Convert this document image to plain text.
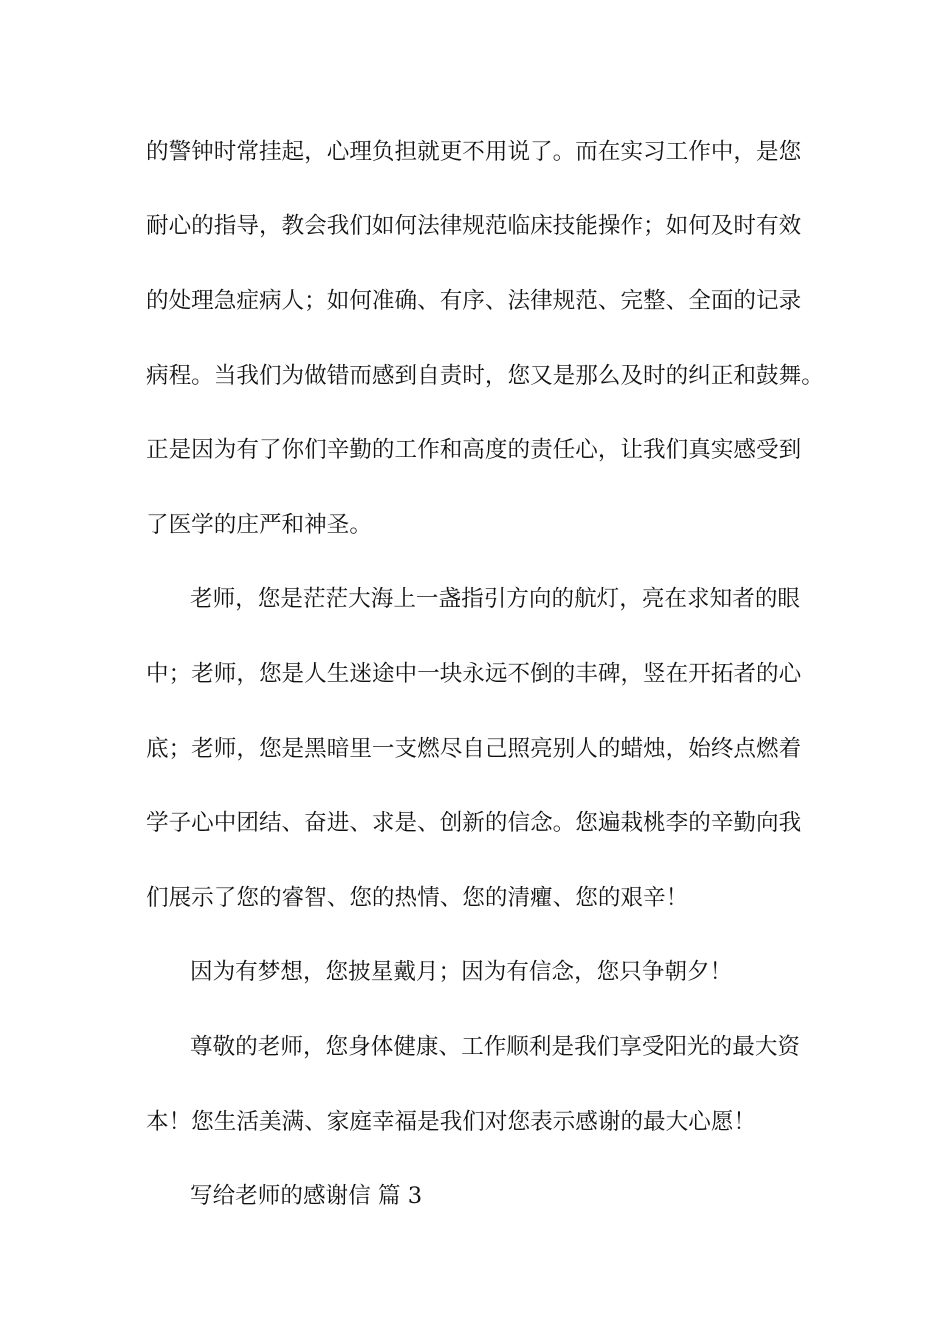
的警钟时常挂起，心理负担就更不用说了。而在实习工作中，是您
耐心的指导，教会我们如何法律规范临床技能操作；如何及时有效
的处理急症病人；如何准确、有序、法律规范、完整、全面的记录
病程。当我们为做错而感到自责时，您又是那么及时的纠正和鼓舞。
正是因为有了你们辛勤的工作和高度的责任心，让我们真实感受到
了医学的庄严和神圣。
老师，您是茫茫大海上一盏指引方向的航灯，亮在求知者的眼
中；老师，您是人生迷途中一块永远不倒的丰碑，竖在开拓者的心
底；老师，您是黑暗里一支燃尽自己照亮别人的蜡烛，始终点燃着
学子心中团结、奋进、求是、创新的信念。您遍栽桃李的辛勤向我
们展示了您的睿智、您的热情、您的清癯、您的艰辛！
因为有梦想，您披星戴月；因为有信念，您只争朝夕！
尊敬的老师，您身体健康、工作顺利是我们享受阳光的最大资
本！您生活美满、家庭幸福是我们对您表示感谢的最大心愿！
写给老师的感谢信 篇 3
